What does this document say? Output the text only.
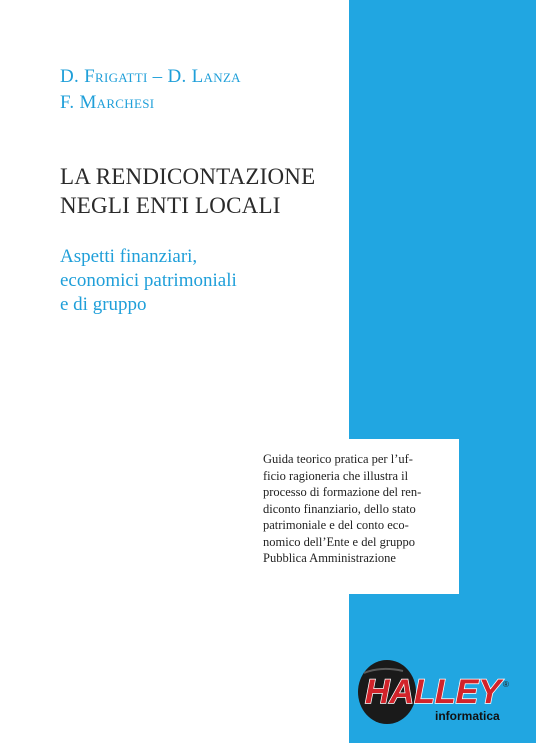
D. Frigatti – D. Lanza
F. Marchesi
LA RENDICONTAZIONE
NEGLI ENTI LOCALI
Aspetti finanziari,
economici patrimoniali
e di gruppo
Guida teorico pratica per l’uf-
ficio ragioneria che illustra il
processo di formazione del ren-
diconto finanziario, dello stato
patrimoniale e del conto eco-
nomico dell’Ente e del gruppo
Pubblica Amministrazione
HALLEY ®
informatica
